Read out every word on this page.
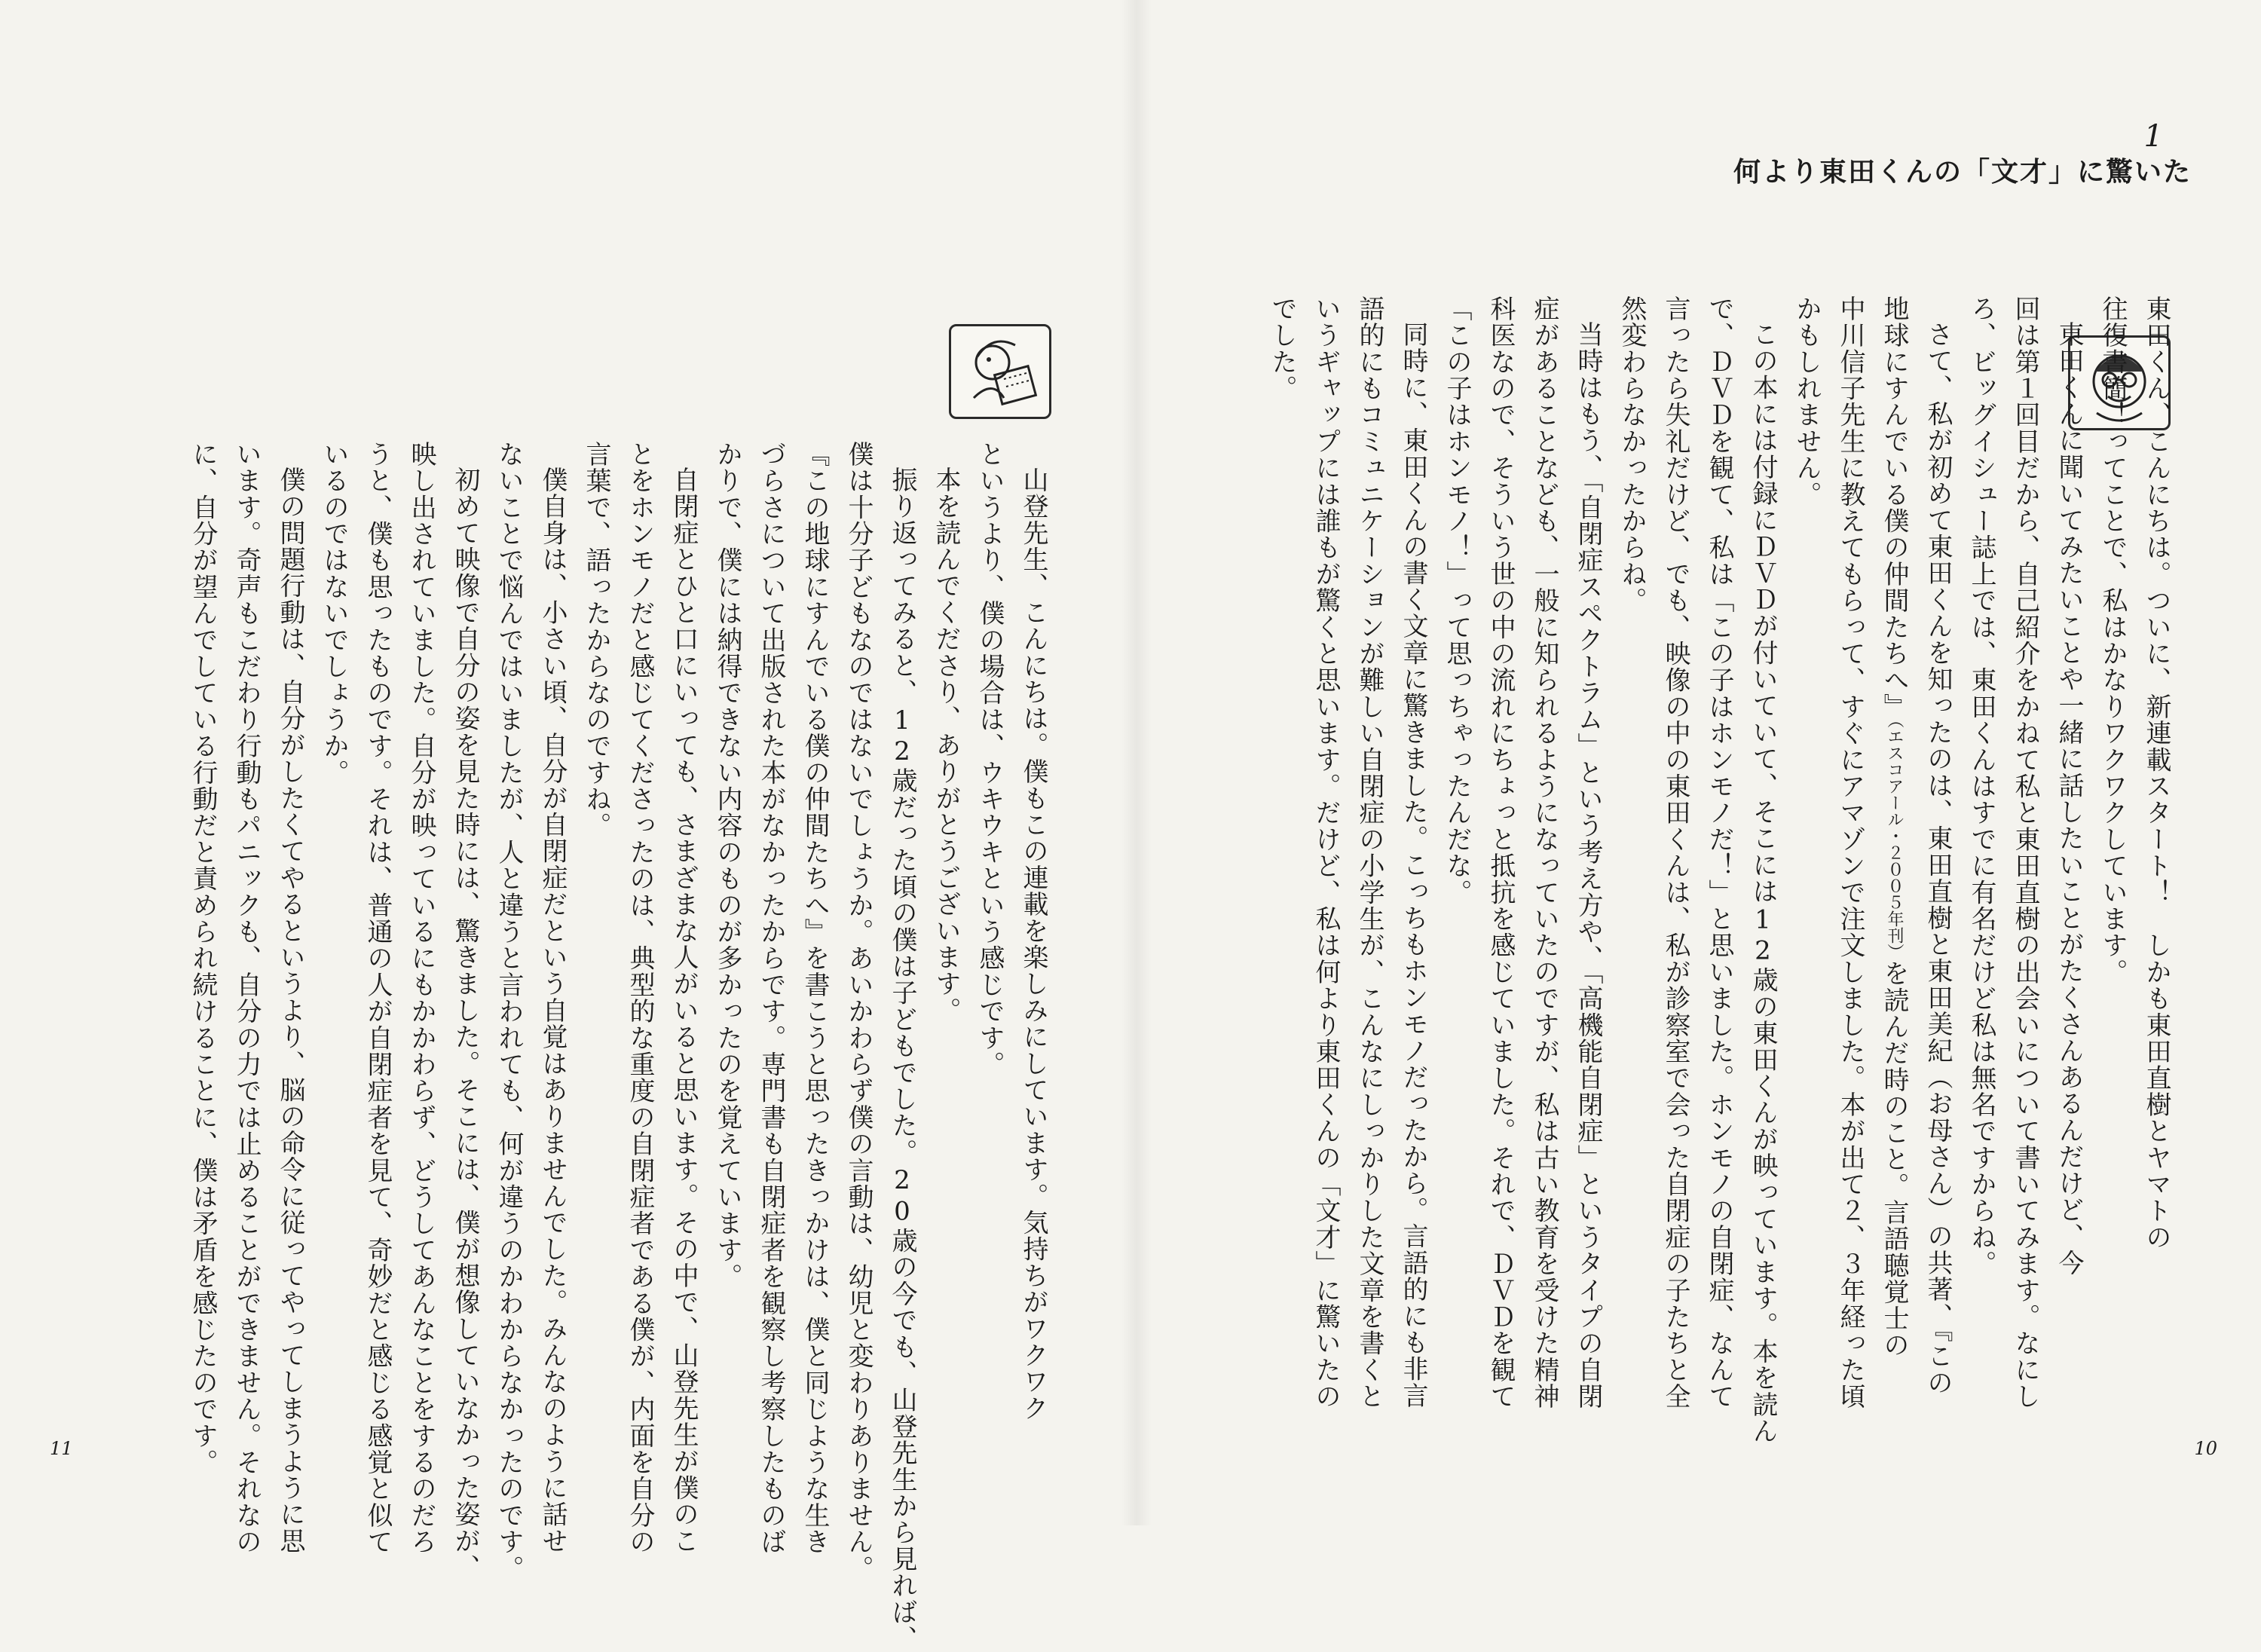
1
何より東田くんの「文才」に驚いた
東田くん、こんにちは。ついに、新連載スタート！　しかも東田直樹とヤマトの
往復書簡！ってことで、私はかなりワクワクしています。
東田くんに聞いてみたいことや一緒に話したいことがたくさんあるんだけど、今
回は第１回目だから、自己紹介をかねて私と東田直樹の出会いについて書いてみます。なにし
ろ、ビッグイシュー誌上では、東田くんはすでに有名だけど私は無名ですからね。
さて、私が初めて東田くんを知ったのは、東田直樹と東田美紀（お母さん）の共著、『この
地球にすんでいる僕の仲間たちへ』（エスコアール・２００５年刊）を読んだ時のこと。言語聴覚士の
中川信子先生に教えてもらって、すぐにアマゾンで注文しました。本が出て２、３年経った頃
かもしれません。
この本には付録にＤＶＤが付いていて、そこには12歳の東田くんが映っています。本を読ん
で、ＤＶＤを観て、私は「この子はホンモノだ！」と思いました。ホンモノの自閉症、なんて
言ったら失礼だけど、でも、映像の中の東田くんは、私が診察室で会った自閉症の子たちと全
然変わらなかったからね。
当時はもう、「自閉症スペクトラム」という考え方や、「高機能自閉症」というタイプの自閉
症があることなども、一般に知られるようになっていたのですが、私は古い教育を受けた精神
科医なので、そういう世の中の流れにちょっと抵抗を感じていました。それで、ＤＶＤを観て
「この子はホンモノ！」って思っちゃったんだな。
同時に、東田くんの書く文章に驚きました。こっちもホンモノだったから。言語的にも非言
語的にもコミュニケーションが難しい自閉症の小学生が、こんなにしっかりした文章を書くと
いうギャップには誰もが驚くと思います。だけど、私は何より東田くんの「文才」に驚いたの
でした。
山登先生、こんにちは。僕もこの連載を楽しみにしています。気持ちがワクワク
というより、僕の場合は、ウキウキという感じです。
本を読んでくださり、ありがとうございます。
振り返ってみると、12歳だった頃の僕は子どもでした。20歳の今でも、山登先生から見れば、
僕は十分子どもなのではないでしょうか。あいかわらず僕の言動は、幼児と変わりありません。
『この地球にすんでいる僕の仲間たちへ』を書こうと思ったきっかけは、僕と同じような生き
づらさについて出版された本がなかったからです。専門書も自閉症者を観察し考察したものば
かりで、僕には納得できない内容のものが多かったのを覚えています。
自閉症とひと口にいっても、さまざまな人がいると思います。その中で、山登先生が僕のこ
とをホンモノだと感じてくださったのは、典型的な重度の自閉症者である僕が、内面を自分の
言葉で、語ったからなのですね。
僕自身は、小さい頃、自分が自閉症だという自覚はありませんでした。みんなのように話せ
ないことで悩んではいましたが、人と違うと言われても、何が違うのかわからなかったのです。
初めて映像で自分の姿を見た時には、驚きました。そこには、僕が想像していなかった姿が、
映し出されていました。自分が映っているにもかかわらず、どうしてあんなことをするのだろ
うと、僕も思ったものです。それは、普通の人が自閉症者を見て、奇妙だと感じる感覚と似て
いるのではないでしょうか。
僕の問題行動は、自分がしたくてやるというより、脳の命令に従ってやってしまうように思
います。奇声もこだわり行動もパニックも、自分の力では止めることができません。それなの
に、自分が望んでしている行動だと責められ続けることに、僕は矛盾を感じたのです。
11	10
